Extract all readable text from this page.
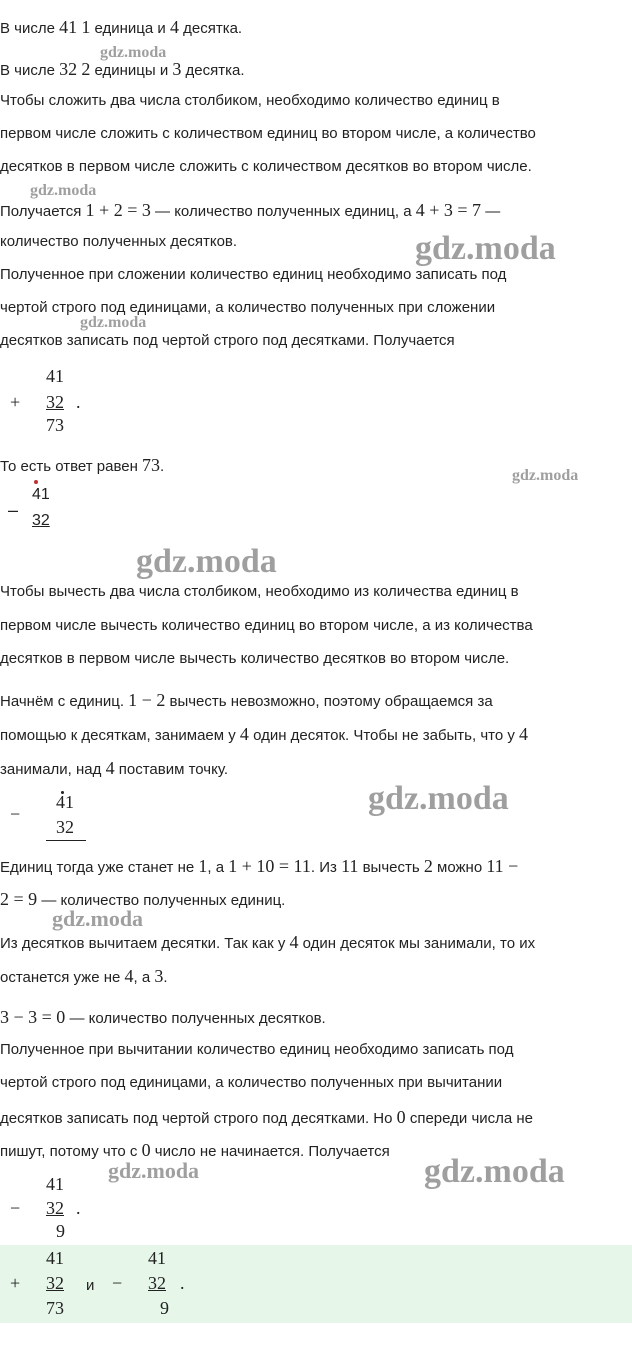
gdz.moda
gdz.moda
gdz.moda
gdz.moda
gdz.moda
gdz.moda
gdz.moda
gdz.moda
gdz.moda	gdz.moda
В числе 41 1 единица и 4 десятка.
В числе 32 2 единицы и 3 десятка.
Чтобы сложить два числа столбиком, необходимо количество единиц в
первом числе сложить с количеством единиц во втором числе, а количество
десятков в первом числе сложить с количеством десятков во втором числе.
Получается 1 + 2 = 3 — количество полученных единиц, а 4 + 3 = 7 —
количество полученных десятков.
Полученное при сложении количество единиц необходимо записать под
чертой строго под единицами, а количество полученных при сложении
десятков записать под чертой строго под десятками. Получается
41
+ 32 .
73
То есть ответ равен 73.
41
–
32
Чтобы вычесть два числа столбиком, необходимо из количества единиц в
первом числе вычесть количество единиц во втором числе, а из количества
десятков в первом числе вычесть количество десятков во втором числе.
Начнём с единиц. 1 − 2 вычесть невозможно, поэтому обращаемся за
помощью к десяткам, занимаем у 4 один десяток. Чтобы не забыть, что у 4
занимали, над 4 поставим точку.
41
−
32
Единиц тогда уже станет не 1, а 1 + 10 = 11. Из 11 вычесть 2 можно 11 −
2 = 9 — количество полученных единиц.
Из десятков вычитаем десятки. Так как у 4 один десяток мы занимали, то их
останется уже не 4, а 3.
3 − 3 = 0 — количество полученных десятков.
Полученное при вычитании количество единиц необходимо записать под
чертой строго под единицами, а количество полученных при вычитании
десятков записать под чертой строго под десятками. Но 0 спереди числа не
пишут, потому что с 0 число не начинается. Получается
41
− 32 .
9
41
+ 32
73
и
41
− 32 .
9
